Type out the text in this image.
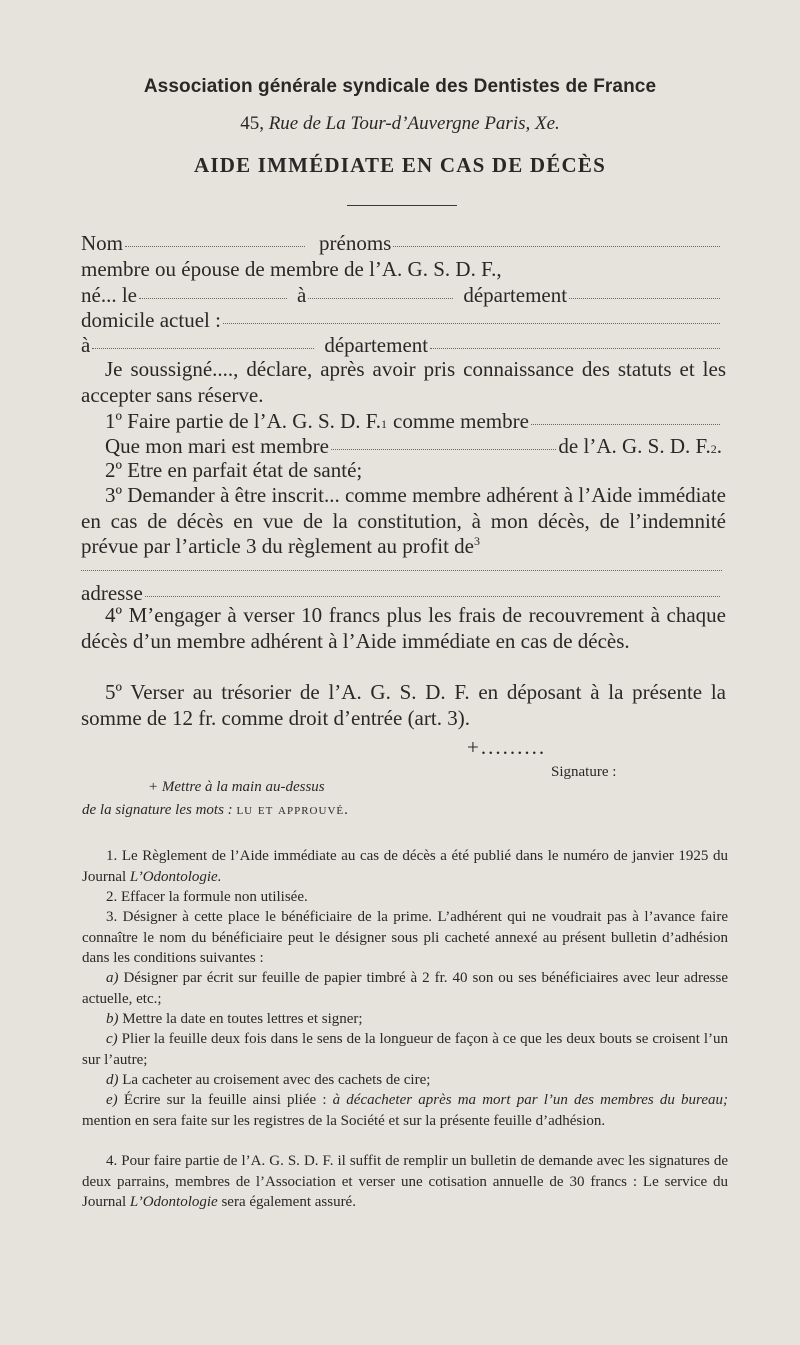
Association générale syndicale des Dentistes de France
45, Rue de La Tour-d’Auvergne Paris, Xe.
AIDE IMMÉDIATE EN CAS DE DÉCÈS
Nom	prénoms
membre ou épouse de membre de l’A. G. S. D. F.,
né... le	à	département
domicile actuel :
à	département
Je soussigné...., déclare, après avoir pris connaissance des statuts et les accepter sans réserve.
1º Faire partie de l’A. G. S. D. F. 1 comme membre
Que mon mari est membre	de l’A. G. S. D. F. 2 .
2º Etre en parfait état de santé;
3º Demander à être inscrit... comme membre adhérent à l’Aide immédiate en cas de décès en vue de la constitution, à mon décès, de l’indemnité prévue par l’article 3 du règlement au profit $de^3$
adresse
4º M’engager à verser 10 francs plus les frais de recouvrement à chaque décès d’un membre adhérent à l’Aide immédiate en cas de décès.
5º Verser au trésorier de l’A. G. S. D. F. en déposant à la présente la somme de 12 fr. comme droit d’entrée (art. 3).
+.........
Signature :
+ Mettre à la main au-dessus
de la signature les mots : lu et approuvé.
1. Le Règlement de l’Aide immédiate au cas de décès a été publié dans le numéro de janvier 1925 du Journal L’Odontologie.
2. Effacer la formule non utilisée.
3. Désigner à cette place le bénéficiaire de la prime. L’adhérent qui ne voudrait pas à l’avance faire connaître le nom du bénéficiaire peut le désigner sous pli cacheté annexé au présent bulletin d’adhésion dans les conditions suivantes :
a) Désigner par écrit sur feuille de papier timbré à 2 fr. 40 son ou ses bénéficiaires avec leur adresse actuelle, etc.;
b) Mettre la date en toutes lettres et signer;
c) Plier la feuille deux fois dans le sens de la longueur de façon à ce que les deux bouts se croisent l’un sur l’autre;
d) La cacheter au croisement avec des cachets de cire;
e) Écrire sur la feuille ainsi pliée : à décacheter après ma mort par l’un des membres du bureau; mention en sera faite sur les registres de la Société et sur la présente feuille d’adhésion.
4. Pour faire partie de l’A. G. S. D. F. il suffit de remplir un bulletin de demande avec les signatures de deux parrains, membres de l’Association et verser une cotisation annuelle de 30 francs : Le service du Journal L’Odontologie sera également assuré.
